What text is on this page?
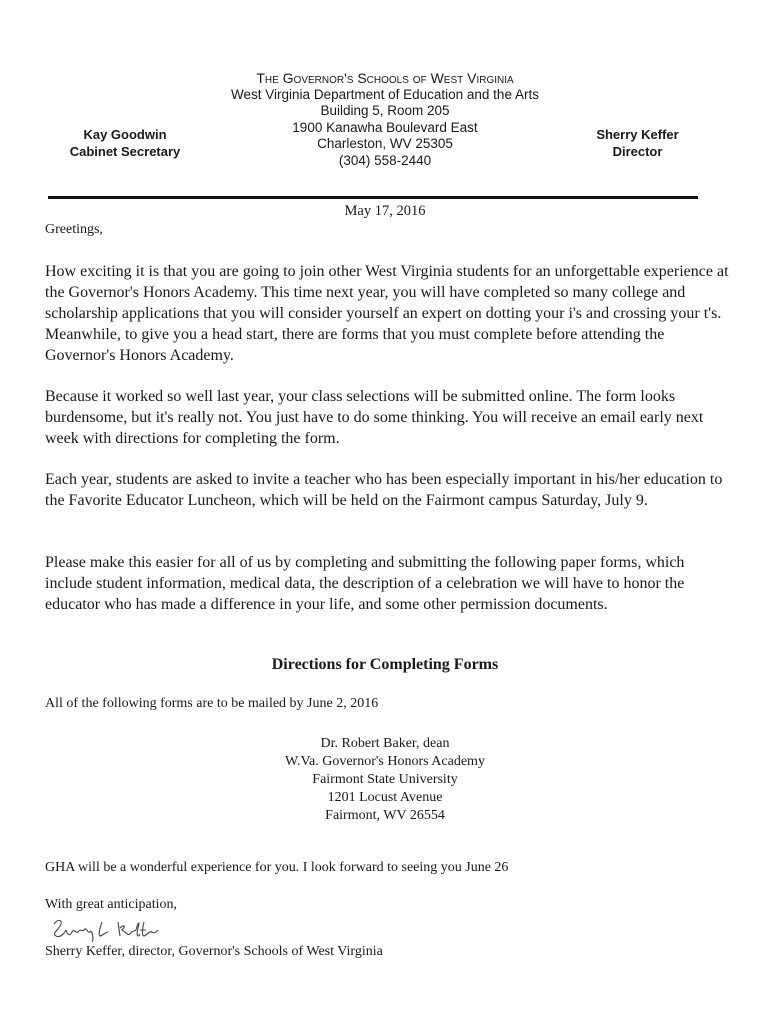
The Governor's Schools of West Virginia
West Virginia Department of Education and the Arts
Building 5, Room 205
1900 Kanawha Boulevard East
Charleston, WV 25305
(304) 558-2440
Kay Goodwin
Cabinet Secretary
Sherry Keffer
Director
May 17, 2016
Greetings,

How exciting it is that you are going to join other West Virginia students for an unforgettable experience at the Governor's Honors Academy. This time next year, you will have completed so many college and scholarship applications that you will consider yourself an expert on dotting your i's and crossing your t's. Meanwhile, to give you a head start, there are forms that you must complete before attending the Governor's Honors Academy.

Because it worked so well last year, your class selections will be submitted online. The form looks burdensome, but it's really not. You just have to do some thinking. You will receive an email early next week with directions for completing the form.

Each year, students are asked to invite a teacher who has been especially important in his/her education to the Favorite Educator Luncheon, which will be held on the Fairmont campus Saturday, July 9.

Please make this easier for all of us by completing and submitting the following paper forms, which include student information, medical data, the description of a celebration we will have to honor the educator who has made a difference in your life, and some other permission documents.

Directions for Completing Forms
All of the following forms are to be mailed by June 2, 2016
Dr. Robert Baker, dean
W.Va. Governor's Honors Academy
Fairmont State University
1201 Locust Avenue
Fairmont, WV 26554
GHA will be a wonderful experience for you. I look forward to seeing you June 26
With great anticipation,
Sherry Keffer, director, Governor's Schools of West Virginia
